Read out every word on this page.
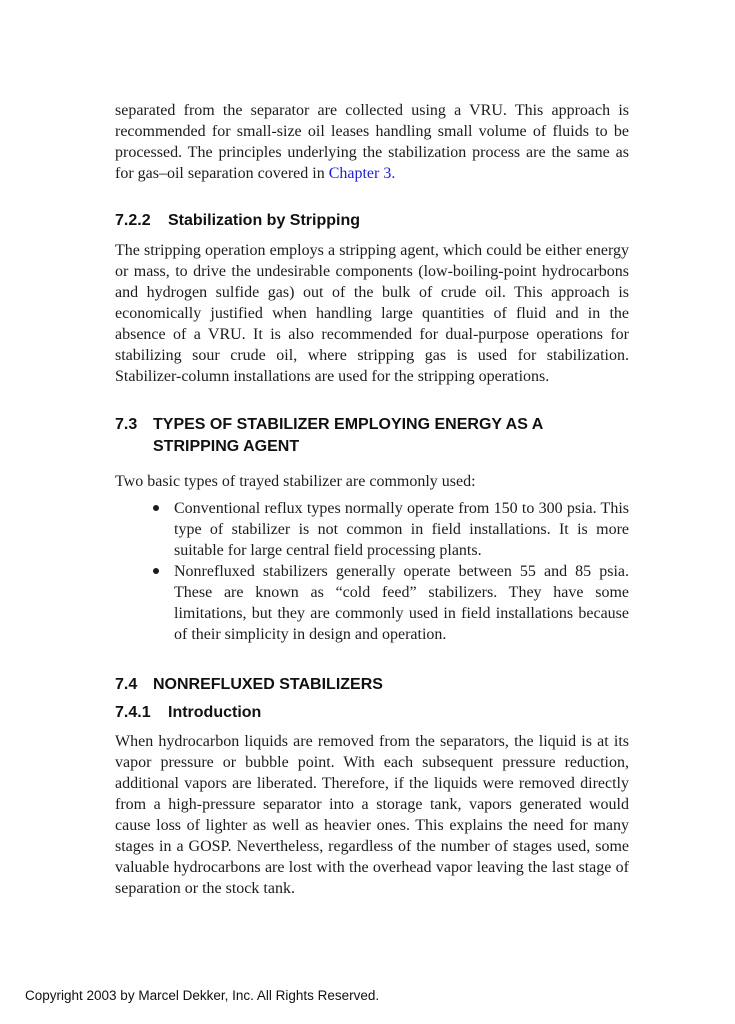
separated from the separator are collected using a VRU. This approach is recommended for small-size oil leases handling small volume of fluids to be processed. The principles underlying the stabilization process are the same as for gas–oil separation covered in Chapter 3.

7.2.2	Stabilization by Stripping

The stripping operation employs a stripping agent, which could be either energy or mass, to drive the undesirable components (low-boiling-point hydrocarbons and hydrogen sulfide gas) out of the bulk of crude oil. This approach is economically justified when handling large quantities of fluid and in the absence of a VRU. It is also recommended for dual-purpose operations for stabilizing sour crude oil, where stripping gas is used for stabilization. Stabilizer-column installations are used for the stripping operations.

7.3 TYPES OF STABILIZER EMPLOYING ENERGY AS A STRIPPING AGENT

Two basic types of trayed stabilizer are commonly used:

Conventional reflux types normally operate from 150 to 300 psia. This type of stabilizer is not common in field installations. It is more suitable for large central field processing plants.
Nonrefluxed stabilizers generally operate between 55 and 85 psia. These are known as “cold feed” stabilizers. They have some limitations, but they are commonly used in field installations because of their simplicity in design and operation.
7.4 NONREFLUXED STABILIZERS
7.4.1	Introduction

When hydrocarbon liquids are removed from the separators, the liquid is at its vapor pressure or bubble point. With each subsequent pressure reduction, additional vapors are liberated. Therefore, if the liquids were removed directly from a high-pressure separator into a storage tank, vapors generated would cause loss of lighter as well as heavier ones. This explains the need for many stages in a GOSP. Nevertheless, regardless of the number of stages used, some valuable hydrocarbons are lost with the overhead vapor leaving the last stage of separation or the stock tank.

Copyright 2003 by Marcel Dekker, Inc. All Rights Reserved.
